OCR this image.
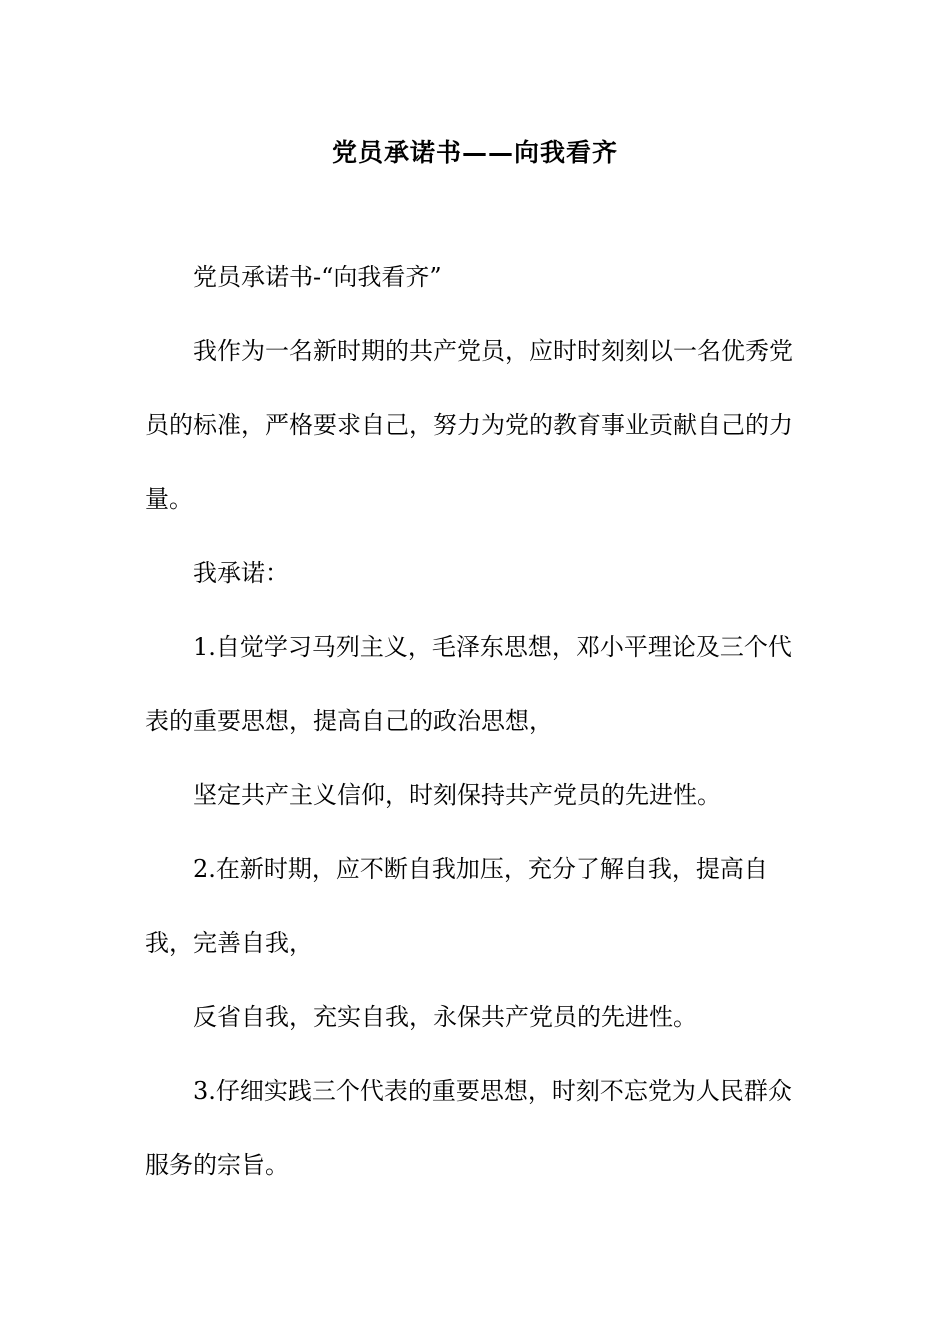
党员承诺书——向我看齐
党员承诺书-“向我看齐”
我作为一名新时期的共产党员，应时时刻刻以一名优秀党员的标准，严格要求自己，努力为党的教育事业贡献自己的力量。
我承诺：
1.自觉学习马列主义，毛泽东思想，邓小平理论及三个代表的重要思想，提高自己的政治思想，
坚定共产主义信仰，时刻保持共产党员的先进性。
2.在新时期，应不断自我加压，充分了解自我，提高自我，完善自我，
反省自我，充实自我，永保共产党员的先进性。
3.仔细实践三个代表的重要思想，时刻不忘党为人民群众服务的宗旨。
